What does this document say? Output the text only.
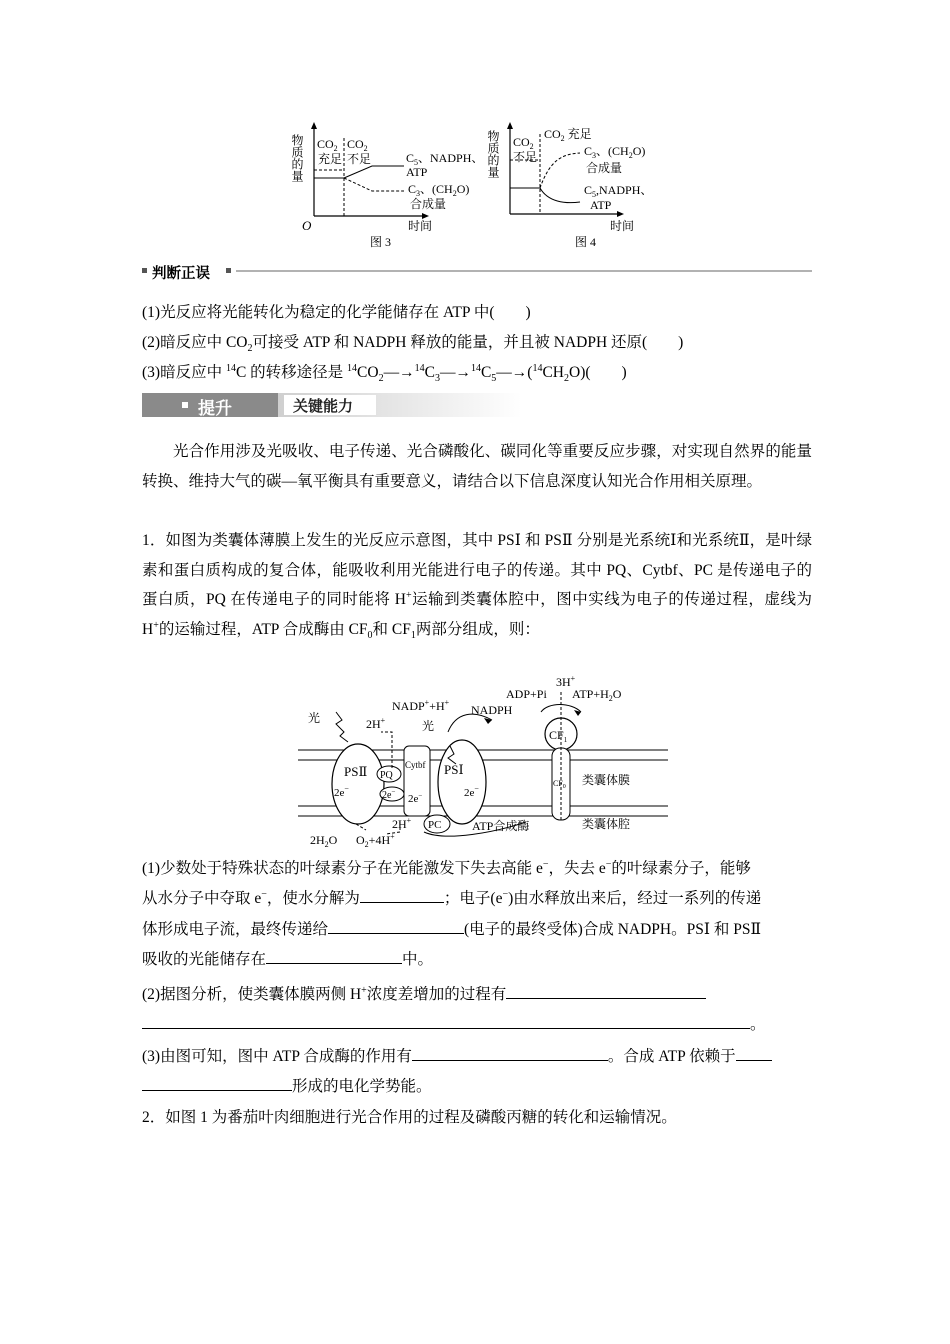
物质的量
O
$CO_2$
充足
$CO_2$
不足	$C_5$、NADPH、
ATP
$C_3$、$(CH_2O)$
合成量
时间
图 3
物质的量 $CO_2$
不足
$CO_2$ 充足
$C_3$、$(CH_2O)$
合成量
$C_5,NADPH$、
ATP
时间
图 4
判断正误
(1)光反应将光能转化为稳定的化学能储存在 ATP 中(　　)
(2)暗反应中 $CO_2$可接受 ATP 和 NADPH 释放的能量，并且被 NADPH 还原(　　)
(3)暗反应中 $^{14}$C 的转移途径是 $^{14}CO_2—\to^{14}C_3—\to^{14}C_5—\to(^{14}CH_2O)$(　　)
提升	关键能力
光合作用涉及光吸收、电子传递、光合磷酸化、碳同化等重要反应步骤，对实现自然界的能量转换、维持大气的碳—氧平衡具有重要意义，请结合以下信息深度认知光合作用相关原理。
1．如图为类囊体薄膜上发生的光反应示意图，其中 PSⅠ 和 PSⅡ 分别是光系统Ⅰ和光系统Ⅱ，是叶绿素和蛋白质构成的复合体，能吸收利用光能进行电子的传递。其中 PQ、Cytbf、PC 是传递电子的蛋白质，PQ 在传递电子的同时能将 H+运输到类囊体腔中，图中实线为电子的传递过程，虚线为 H+的运输过程，ATP 合成酶由 $CF_0$和 $CF_1$两部分组成，则：
PSⅡ
2e−
PQ
2e−
Cytbf
2e−
PSⅠ
2e−
PC
$CF_1$
$CF_0$
光
光
2H+
NADP++H+
NADPH
ADP+Pi
3H+
$ATP+H_2O$
2H+
$2H_2O$ $O_2+4H^+$
ATP合成酶
类囊体膜
类囊体腔
(1)少数处于特殊状态的叶绿素分子在光能激发下失去高能 e−，失去 e−的叶绿素分子，能够
从水分子中夺取 e−，使水分解为	；电子(e−)由水释放出来后，经过一系列的传递
体形成电子流，最终传递给	(电子的最终受体)合成 NADPH。PSⅠ 和 PSⅡ
吸收的光能储存在	中。
(2)据图分析，使类囊体膜两侧 H+浓度差增加的过程有
。
(3)由图可知，图中 ATP 合成酶的作用有	。合成 ATP 依赖于
形成的电化学势能。
2．如图 1 为番茄叶肉细胞进行光合作用的过程及磷酸丙糖的转化和运输情况。
